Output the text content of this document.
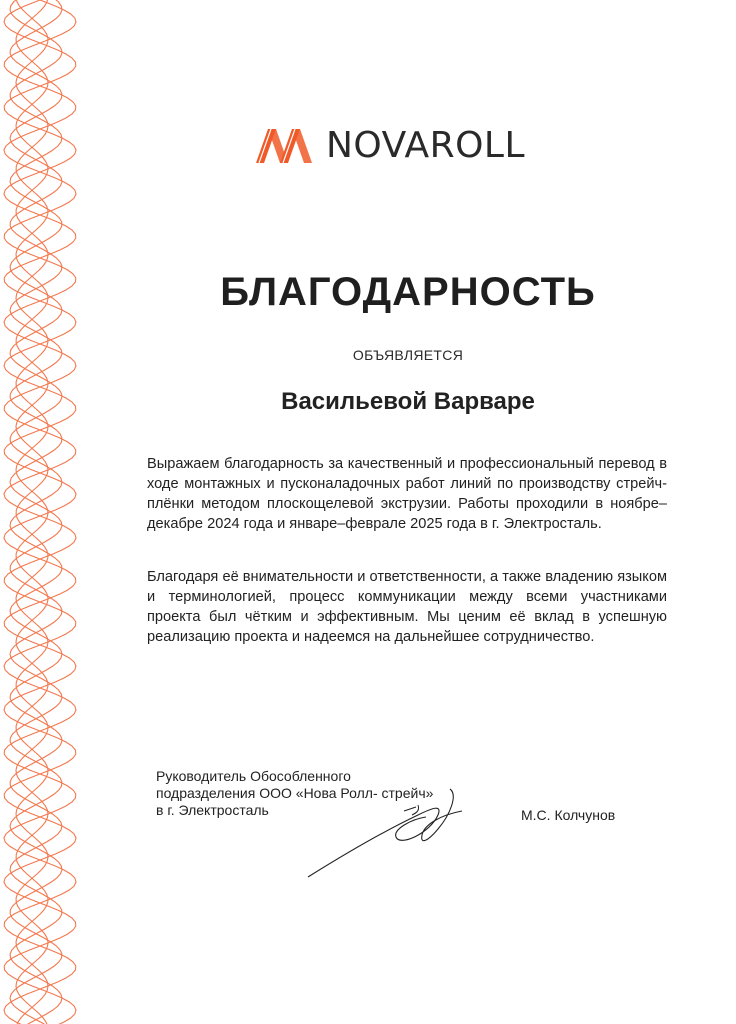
NOVAROLL
БЛАГОДАРНОСТЬ
ОБЪЯВЛЯЕТСЯ
Васильевой Варваре

Выражаем благодарность за качественный и профессиональный перевод в ходе монтажных и пусконаладочных работ линий по производству стрейч-плёнки методом плоскощелевой экструзии. Работы проходили в ноябре–декабре 2024 года и январе–феврале 2025 года в г. Электросталь.

Благодаря её внимательности и ответственности, а также владению языком и терминологией, процесс коммуникации между всеми участниками проекта был чётким и эффективным. Мы ценим её вклад в успешную реализацию проекта и надеемся на дальнейшее сотрудничество.

Руководитель Обособленного
подразделения ООО «Нова Ролл- стрейч»
в г. Электросталь	М.С. Колчунов
